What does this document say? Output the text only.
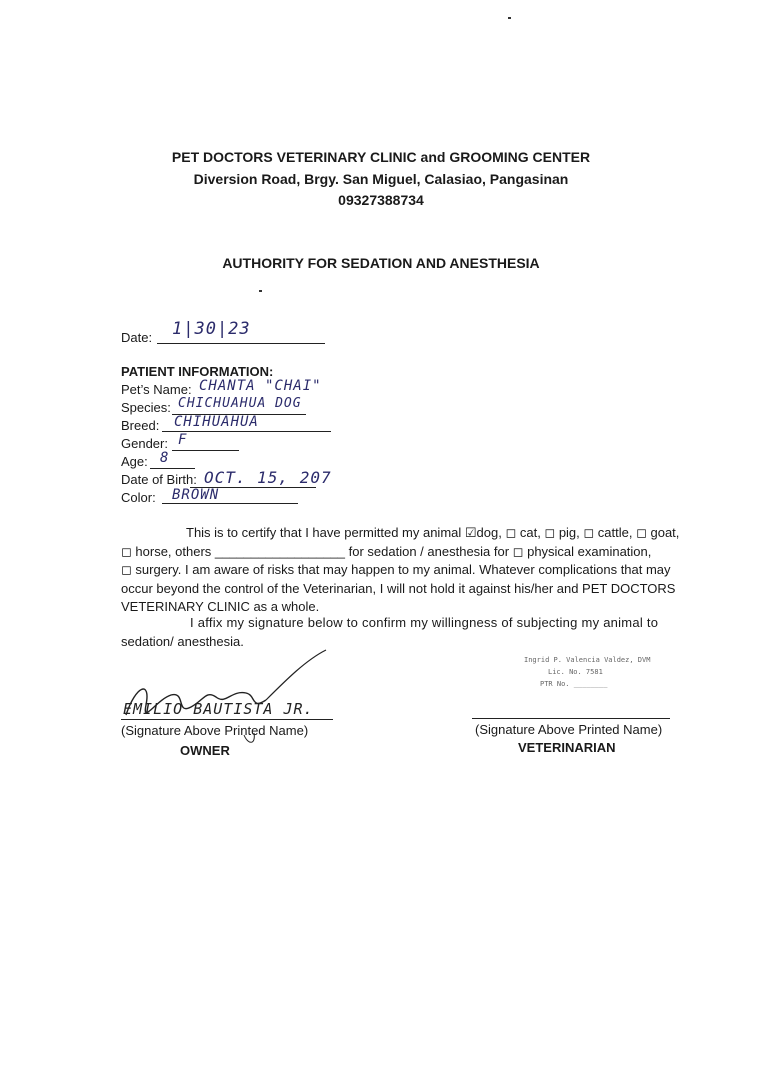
PET DOCTORS VETERINARY CLINIC and GROOMING CENTER
Diversion Road, Brgy. San Miguel, Calasiao, Pangasinan
09327388734
AUTHORITY FOR SEDATION AND ANESTHESIA
Date: 1|30|23
PATIENT INFORMATION:
Pet’s Name: CHANTA "CHAI"
Species: CHICHUAHUA DOG
Breed: CHIHUAHUA
Gender: F
Age: 8
Date of Birth: OCT. 15, 207
Color: BROWN
This is to certify that I have permitted my animal ☑dog, ◻ cat, ◻ pig, ◻ cattle, ◻ goat,
◻ horse, others __________________ for sedation / anesthesia for ◻ physical examination,
◻ surgery. I am aware of risks that may happen to my animal. Whatever complications that may
occur beyond the control of the Veterinarian, I will not hold it against his/her and PET DOCTORS
VETERINARY CLINIC as a whole.
I affix my signature below to confirm my willingness of subjecting my animal to
sedation/ anesthesia.
EMILIO BAUTISTA JR.
(Signature Above Printed Name)
OWNER
Ingrid P. Valencia Valdez, DVM
Lic. No. 7581
PTR No. ________
(Signature Above Printed Name)
VETERINARIAN
